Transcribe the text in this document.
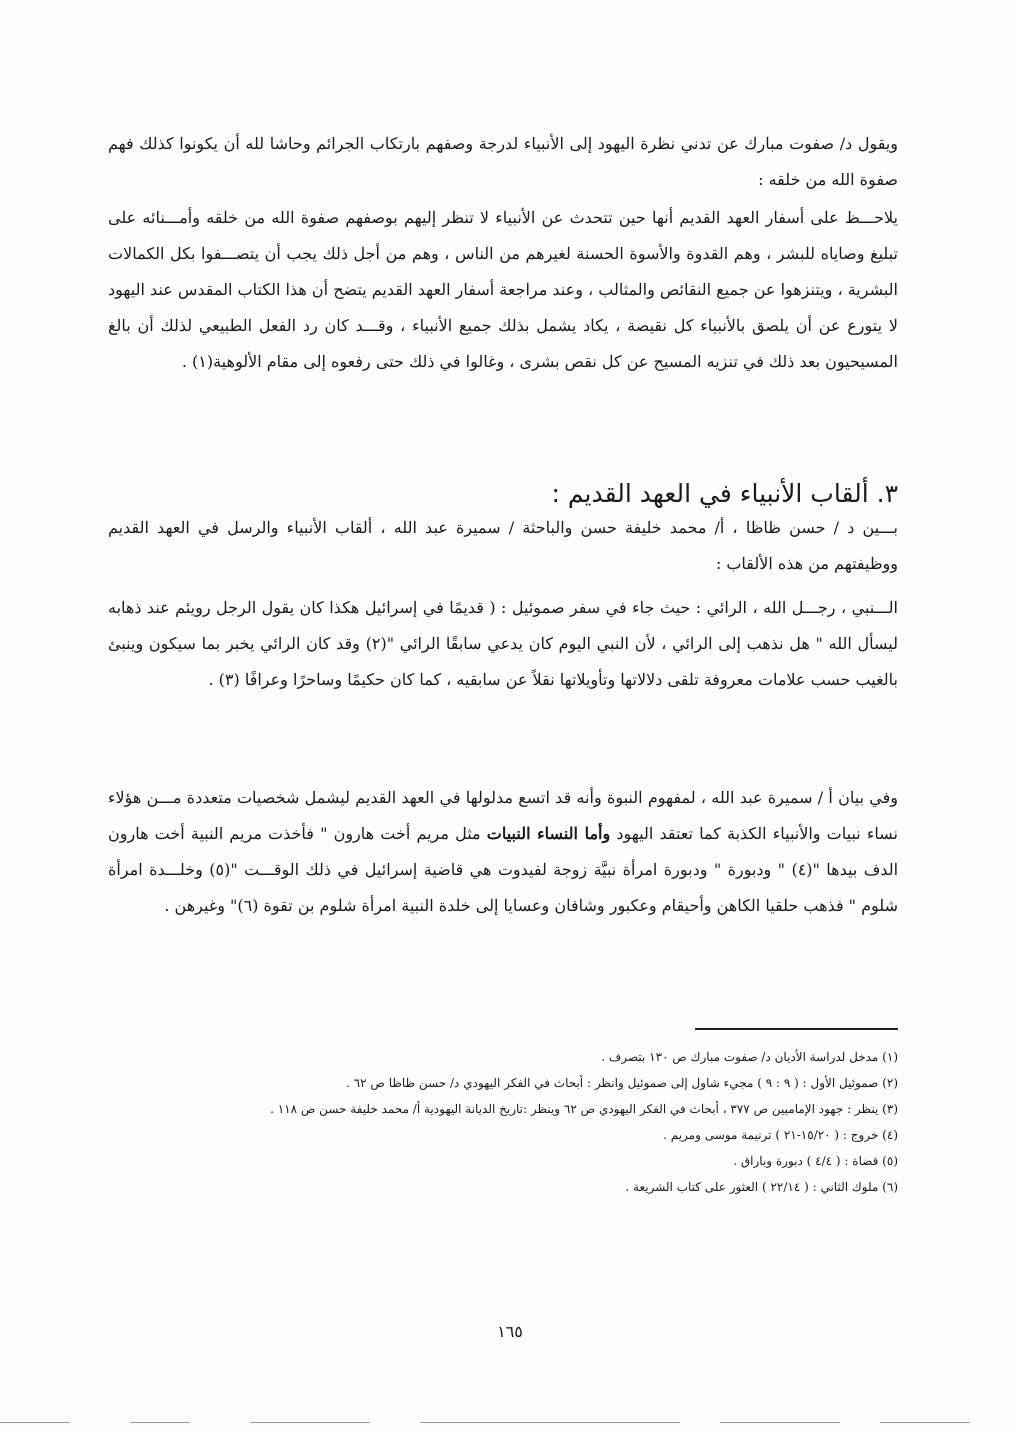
ويقول د/ صفوت مبارك عن تدني نظرة اليهود إلى الأنبياء لدرجة وصفهم بارتكاب الجرائم وحاشا لله أن يكونوا كذلك فهم صفوة الله من خلقه :

يلاحـــظ على أسفار العهد القديم أنها حين تتحدث عن الأنبياء لا تنظر إليهم بوصفهم صفوة الله من خلقه وأمـــنائه على تبليغ وصاياه للبشر ، وهم القدوة والأسوة الحسنة لغيرهم من الناس ، وهم من أجل ذلك يجب أن يتصـــفوا بكل الكمالات البشرية ، ويتنزهوا عن جميع النقائص والمثالب ، وعند مراجعة أسفار العهد القديم يتضح أن هذا الكتاب المقدس عند اليهود لا يتورع عن أن يلصق بالأنبياء كل نقيصة ، يكاد يشمل بذلك جميع الأنبياء ، وقـــد كان رد الفعل الطبيعي لذلك أن بالغ المسيحيون بعد ذلك في تنزيه المسيح عن كل نقص بشرى ، وغالوا في ذلك حتى رفعوه إلى مقام الألوهية(١) .

٣. ألقاب الأنبياء في العهد القديم :

بـــين د / حسن ظاظا ، أ/ محمد خليفة حسن والباحثة / سميرة عبد الله ، ألقاب الأنبياء والرسل في العهد القديم ووظيفتهم من هذه الألقاب :

الـــنبي ، رجـــل الله ، الرائي : حيث جاء في سفر صموئيل : ( قديمًا في إسرائيل هكذا كان يقول الرجل رويئم عند ذهابه ليسأل الله " هل نذهب إلى الرائي ، لأن النبي اليوم كان يدعي سابقًا الرائي "(٢) وقد كان الرائي يخبر بما سيكون وينبئ بالغيب حسب علامات معروفة تلقى دلالاتها وتأويلاتها نقلاً عن سابقيه ، كما كان حكيمًا وساحرًا وعرافًا (٣) .

وفي بيان أ / سميرة عبد الله ، لمفهوم النبوة وأنه قد اتسع مدلولها في العهد القديم ليشمل شخصيات متعددة مـــن هؤلاء نساء نبيات والأنبياء الكذبة كما تعتقد اليهود وأما النساء النبيات مثل مريم أخت هارون " فأخذت مريم النبية أخت هارون الدف بيدها "(٤) " ودبورة " ودبورة امرأة نبيَّة زوجة لفيدوت هي قاضية إسرائيل في ذلك الوقـــت "(٥) وخلـــدة امرأة شلوم " فذهب حلقيا الكاهن وأحيقام وعكبور وشافان وعسايا إلى خلدة النبية امرأة شلوم بن تقوة (٦)" وغيرهن .

(١) مدخل لدراسة الأديان د/ صفوت مبارك ص ١٣٠ بتصرف .
(٢) صموئيل الأول : ( ٩ : ٩ ) مجيء شاول إلى صموئيل وانظر : أبحاث في الفكر اليهودي د/ حسن ظاظا ص ٦٢ .
(٣) ينظر : جهود الإماميين ص ٣٧٧ ، أبحاث في الفكر اليهودي ص ٦٢ وينظر :تاريخ الديانة اليهودية أ/ محمد خليفة حسن ص ١١٨ .
(٤) خروج : ( ١٥/٢٠-٢١ ) ترنيمة موسى ومريم .
(٥) قضاة : ( ٤/٤ ) دبورة وباراق .
(٦) ملوك الثاني : ( ٢٢/١٤ ) العثور على كتاب الشريعة .
١٦٥
